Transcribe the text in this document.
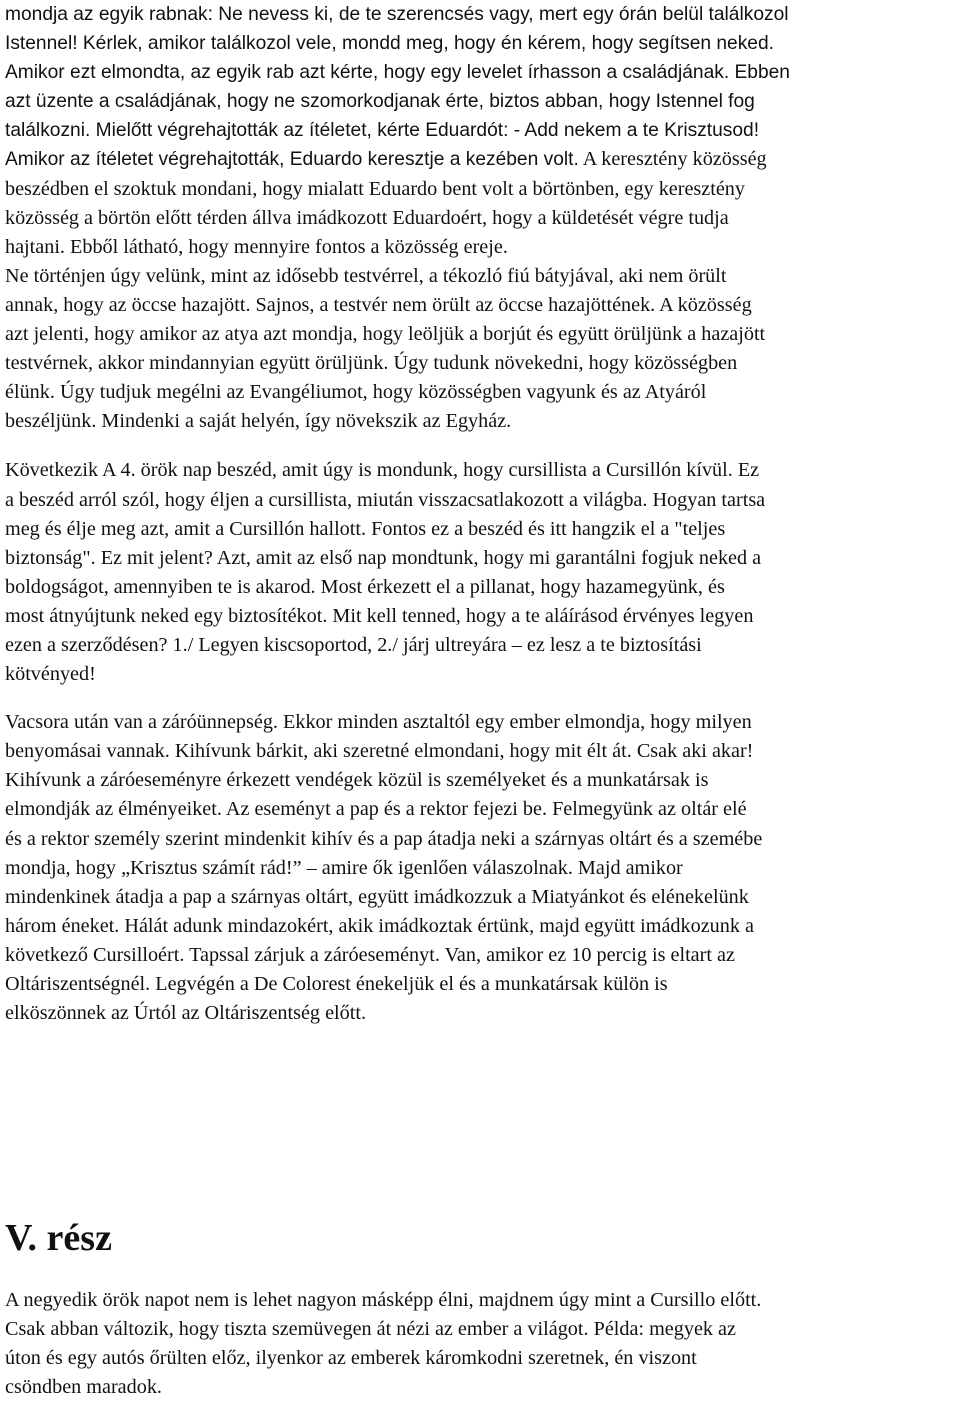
mondja az egyik rabnak: Ne nevess ki, de te szerencsés vagy, mert egy órán belül találkozol
Istennel! Kérlek, amikor találkozol vele, mondd meg, hogy én kérem, hogy segítsen neked.
Amikor ezt elmondta, az egyik rab azt kérte, hogy egy levelet írhasson a családjának. Ebben
azt üzente a családjának, hogy ne szomorkodjanak érte, biztos abban, hogy Istennel fog
találkozni. Mielőtt végrehajtották az ítéletet, kérte Eduardót: - Add nekem a te Krisztusod!
Amikor az ítéletet végrehajtották, Eduardo keresztje a kezében volt. A keresztény közösség
beszédben el szoktuk mondani, hogy mialatt Eduardo bent volt a börtönben, egy keresztény
közösség a börtön előtt térden állva imádkozott Eduardoért, hogy a küldetését végre tudja
hajtani. Ebből látható, hogy mennyire fontos a közösség ereje.
Ne történjen úgy velünk, mint az idősebb testvérrel, a tékozló fiú bátyjával, aki nem örült
annak, hogy az öccse hazajött. Sajnos, a testvér nem örült az öccse hazajöttének. A közösség
azt jelenti, hogy amikor az atya azt mondja, hogy leöljük a borjút és együtt örüljünk a hazajött
testvérnek, akkor mindannyian együtt örüljünk. Úgy tudunk növekedni, hogy közösségben
élünk. Úgy tudjuk megélni az Evangéliumot, hogy közösségben vagyunk és az Atyáról
beszéljünk. Mindenki a saját helyén, így növekszik az Egyház.

Következik A 4. örök nap beszéd, amit úgy is mondunk, hogy cursillista a Cursillón kívül. Ez
a beszéd arról szól, hogy éljen a cursillista, miután visszacsatlakozott a világba. Hogyan tartsa
meg és élje meg azt, amit a Cursillón hallott. Fontos ez a beszéd és itt hangzik el a "teljes
biztonság". Ez mit jelent? Azt, amit az első nap mondtunk, hogy mi garantálni fogjuk neked a
boldogságot, amennyiben te is akarod. Most érkezett el a pillanat, hogy hazamegyünk, és
most átnyújtunk neked egy biztosítékot. Mit kell tenned, hogy a te aláírásod érvényes legyen
ezen a szerződésen? 1./ Legyen kiscsoportod, 2./ járj ultreyára – ez lesz a te biztosítási
kötvényed!

Vacsora után van a záróünnepség. Ekkor minden asztaltól egy ember elmondja, hogy milyen
benyomásai vannak. Kihívunk bárkit, aki szeretné elmondani, hogy mit élt át. Csak aki akar!
Kihívunk a záróeseményre érkezett vendégek közül is személyeket és a munkatársak is
elmondják az élményeiket. Az eseményt a pap és a rektor fejezi be. Felmegyünk az oltár elé
és a rektor személy szerint mindenkit kihív és a pap átadja neki a szárnyas oltárt és a szemébe
mondja, hogy „Krisztus számít rád!” – amire ők igenlően válaszolnak. Majd amikor
mindenkinek átadja a pap a szárnyas oltárt, együtt imádkozzuk a Miatyánkot és elénekelünk
három éneket. Hálát adunk mindazokért, akik imádkoztak értünk, majd együtt imádkozunk a
következő Cursilloért. Tapssal zárjuk a záróeseményt. Van, amikor ez 10 percig is eltart az
Oltáriszentségnél. Legvégén a De Colorest énekeljük el és a munkatársak külön is
elköszönnek az Úrtól az Oltáriszentség előtt.

V. rész

A negyedik örök napot nem is lehet nagyon másképp élni, majdnem úgy mint a Cursillo előtt.
Csak abban változik, hogy tiszta szemüvegen át nézi az ember a világot. Példa: megyek az
úton és egy autós őrülten előz, ilyenkor az emberek káromkodni szeretnek, én viszont
csöndben maradok.
